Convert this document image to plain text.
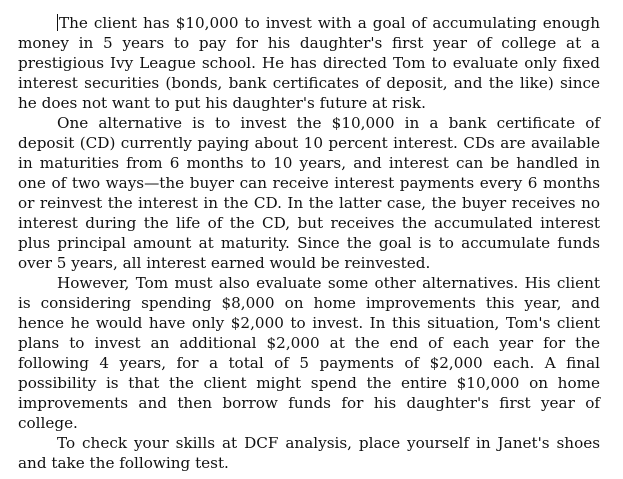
The client has $10,000 to invest with a goal of accumulating enough money in 5 years to pay for his daughter's first year of college at a prestigious Ivy League school. He has directed Tom to evaluate only fixed interest securities (bonds, bank certificates of deposit, and the like) since he does not want to put his daughter's future at risk.

One alternative is to invest the $10,000 in a bank certificate of deposit (CD) currently paying about 10 percent interest. CDs are available in maturities from 6 months to 10 years, and interest can be handled in one of two ways—the buyer can receive interest payments every 6 months or reinvest the interest in the CD. In the latter case, the buyer receives no interest during the life of the CD, but receives the accumulated interest plus principal amount at maturity. Since the goal is to accumulate funds over 5 years, all interest earned would be reinvested.

However, Tom must also evaluate some other alternatives. His client is considering spending $8,000 on home improvements this year, and hence he would have only $2,000 to invest. In this situation, Tom's client plans to invest an additional $2,000 at the end of each year for the following 4 years, for a total of 5 payments of $2,000 each. A final possibility is that the client might spend the entire $10,000 on home improvements and then borrow funds for his daughter's first year of college.

To check your skills at DCF analysis, place yourself in Janet's shoes and take the following test.
